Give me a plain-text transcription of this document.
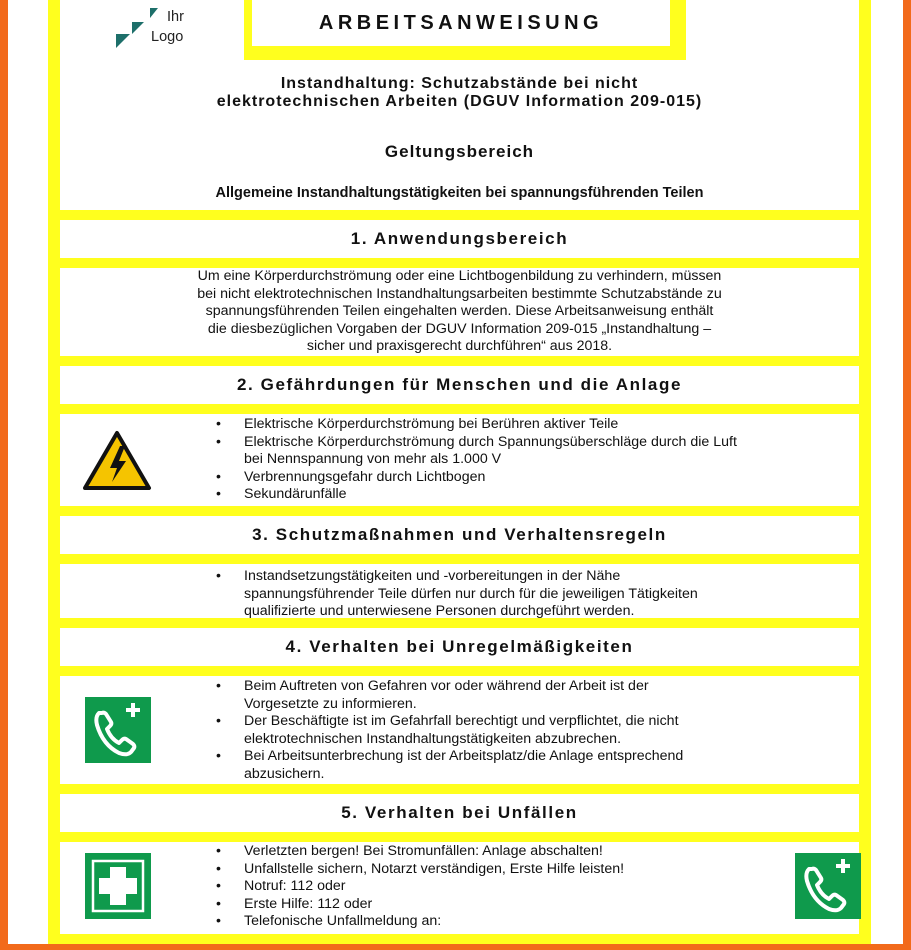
Ihr
Logo
ARBEITSANWEISUNG
Instandhaltung: Schutzabstände bei nicht
elektrotechnischen Arbeiten (DGUV Information 209-015)
Geltungsbereich
Allgemeine Instandhaltungstätigkeiten bei spannungsführenden Teilen
1. Anwendungsbereich
Um eine Körperdurchströmung oder eine Lichtbogenbildung zu verhindern, müssen
bei nicht elektrotechnischen Instandhaltungsarbeiten bestimmte Schutzabstände zu
spannungsführenden Teilen eingehalten werden. Diese Arbeitsanweisung enthält
die diesbezüglichen Vorgaben der DGUV Information 209-015 „Instandhaltung –
sicher und praxisgerecht durchführen“ aus 2018.
2. Gefährdungen für Menschen und die Anlage
• Elektrische Körperdurchströmung bei Berühren aktiver Teile
• Elektrische Körperdurchströmung durch Spannungsüberschläge durch die Luft bei Nennspannung von mehr als 1.000 V
• Verbrennungsgefahr durch Lichtbogen
• Sekundärunfälle
3. Schutzmaßnahmen und Verhaltensregeln
• Instandsetzungstätigkeiten und -vorbereitungen in der Nähe spannungsführender Teile dürfen nur durch für die jeweiligen Tätigkeiten qualifizierte und unterwiesene Personen durchgeführt werden.
4. Verhalten bei Unregelmäßigkeiten
• Beim Auftreten von Gefahren vor oder während der Arbeit ist der Vorgesetzte zu informieren.
• Der Beschäftigte ist im Gefahrfall berechtigt und verpflichtet, die nicht elektrotechnischen Instandhaltungstätigkeiten abzubrechen.
• Bei Arbeitsunterbrechung ist der Arbeitsplatz/die Anlage entsprechend abzusichern.
5. Verhalten bei Unfällen
• Verletzten bergen! Bei Stromunfällen: Anlage abschalten!
• Unfallstelle sichern, Notarzt verständigen, Erste Hilfe leisten!
• Notruf: 112 oder
• Erste Hilfe: 112 oder
• Telefonische Unfallmeldung an:
